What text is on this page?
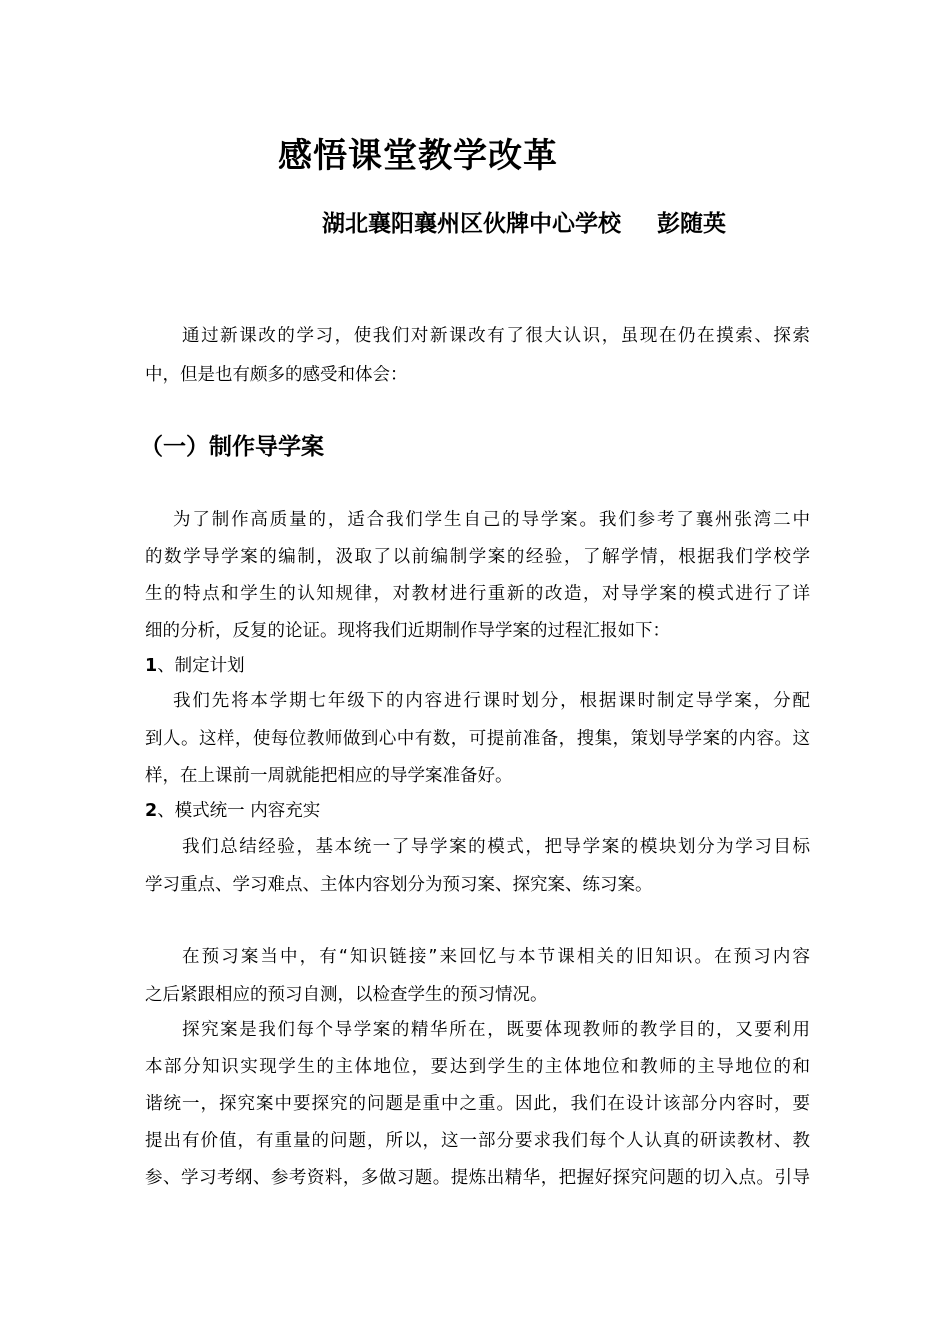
感悟课堂教学改革
湖北襄阳襄州区伙牌中心学校 彭随英
通过新课改的学习，使我们对新课改有了很大认识，虽现在仍在摸索、探索
中，但是也有颇多的感受和体会：
（一）制作导学案
为了制作高质量的，适合我们学生自己的导学案。我们参考了襄州张湾二中
的数学导学案的编制，汲取了以前编制学案的经验，了解学情，根据我们学校学
生的特点和学生的认知规律，对教材进行重新的改造，对导学案的模式进行了详
细的分析，反复的论证。现将我们近期制作导学案的过程汇报如下：
1、制定计划
我们先将本学期七年级下的内容进行课时划分，根据课时制定导学案，分配
到人。这样，使每位教师做到心中有数，可提前准备，搜集，策划导学案的内容。这
样，在上课前一周就能把相应的导学案准备好。
2、模式统一 内容充实
我们总结经验，基本统一了导学案的模式，把导学案的模块划分为学习目标
学习重点、学习难点、主体内容划分为预习案、探究案、练习案。
在预习案当中，有“知识链接”来回忆与本节课相关的旧知识。在预习内容
之后紧跟相应的预习自测，以检查学生的预习情况。
探究案是我们每个导学案的精华所在，既要体现教师的教学目的，又要利用
本部分知识实现学生的主体地位，要达到学生的主体地位和教师的主导地位的和
谐统一，探究案中要探究的问题是重中之重。因此，我们在设计该部分内容时，要
提出有价值，有重量的问题，所以，这一部分要求我们每个人认真的研读教材、教
参、学习考纲、参考资料，多做习题。提炼出精华，把握好探究问题的切入点。引导
